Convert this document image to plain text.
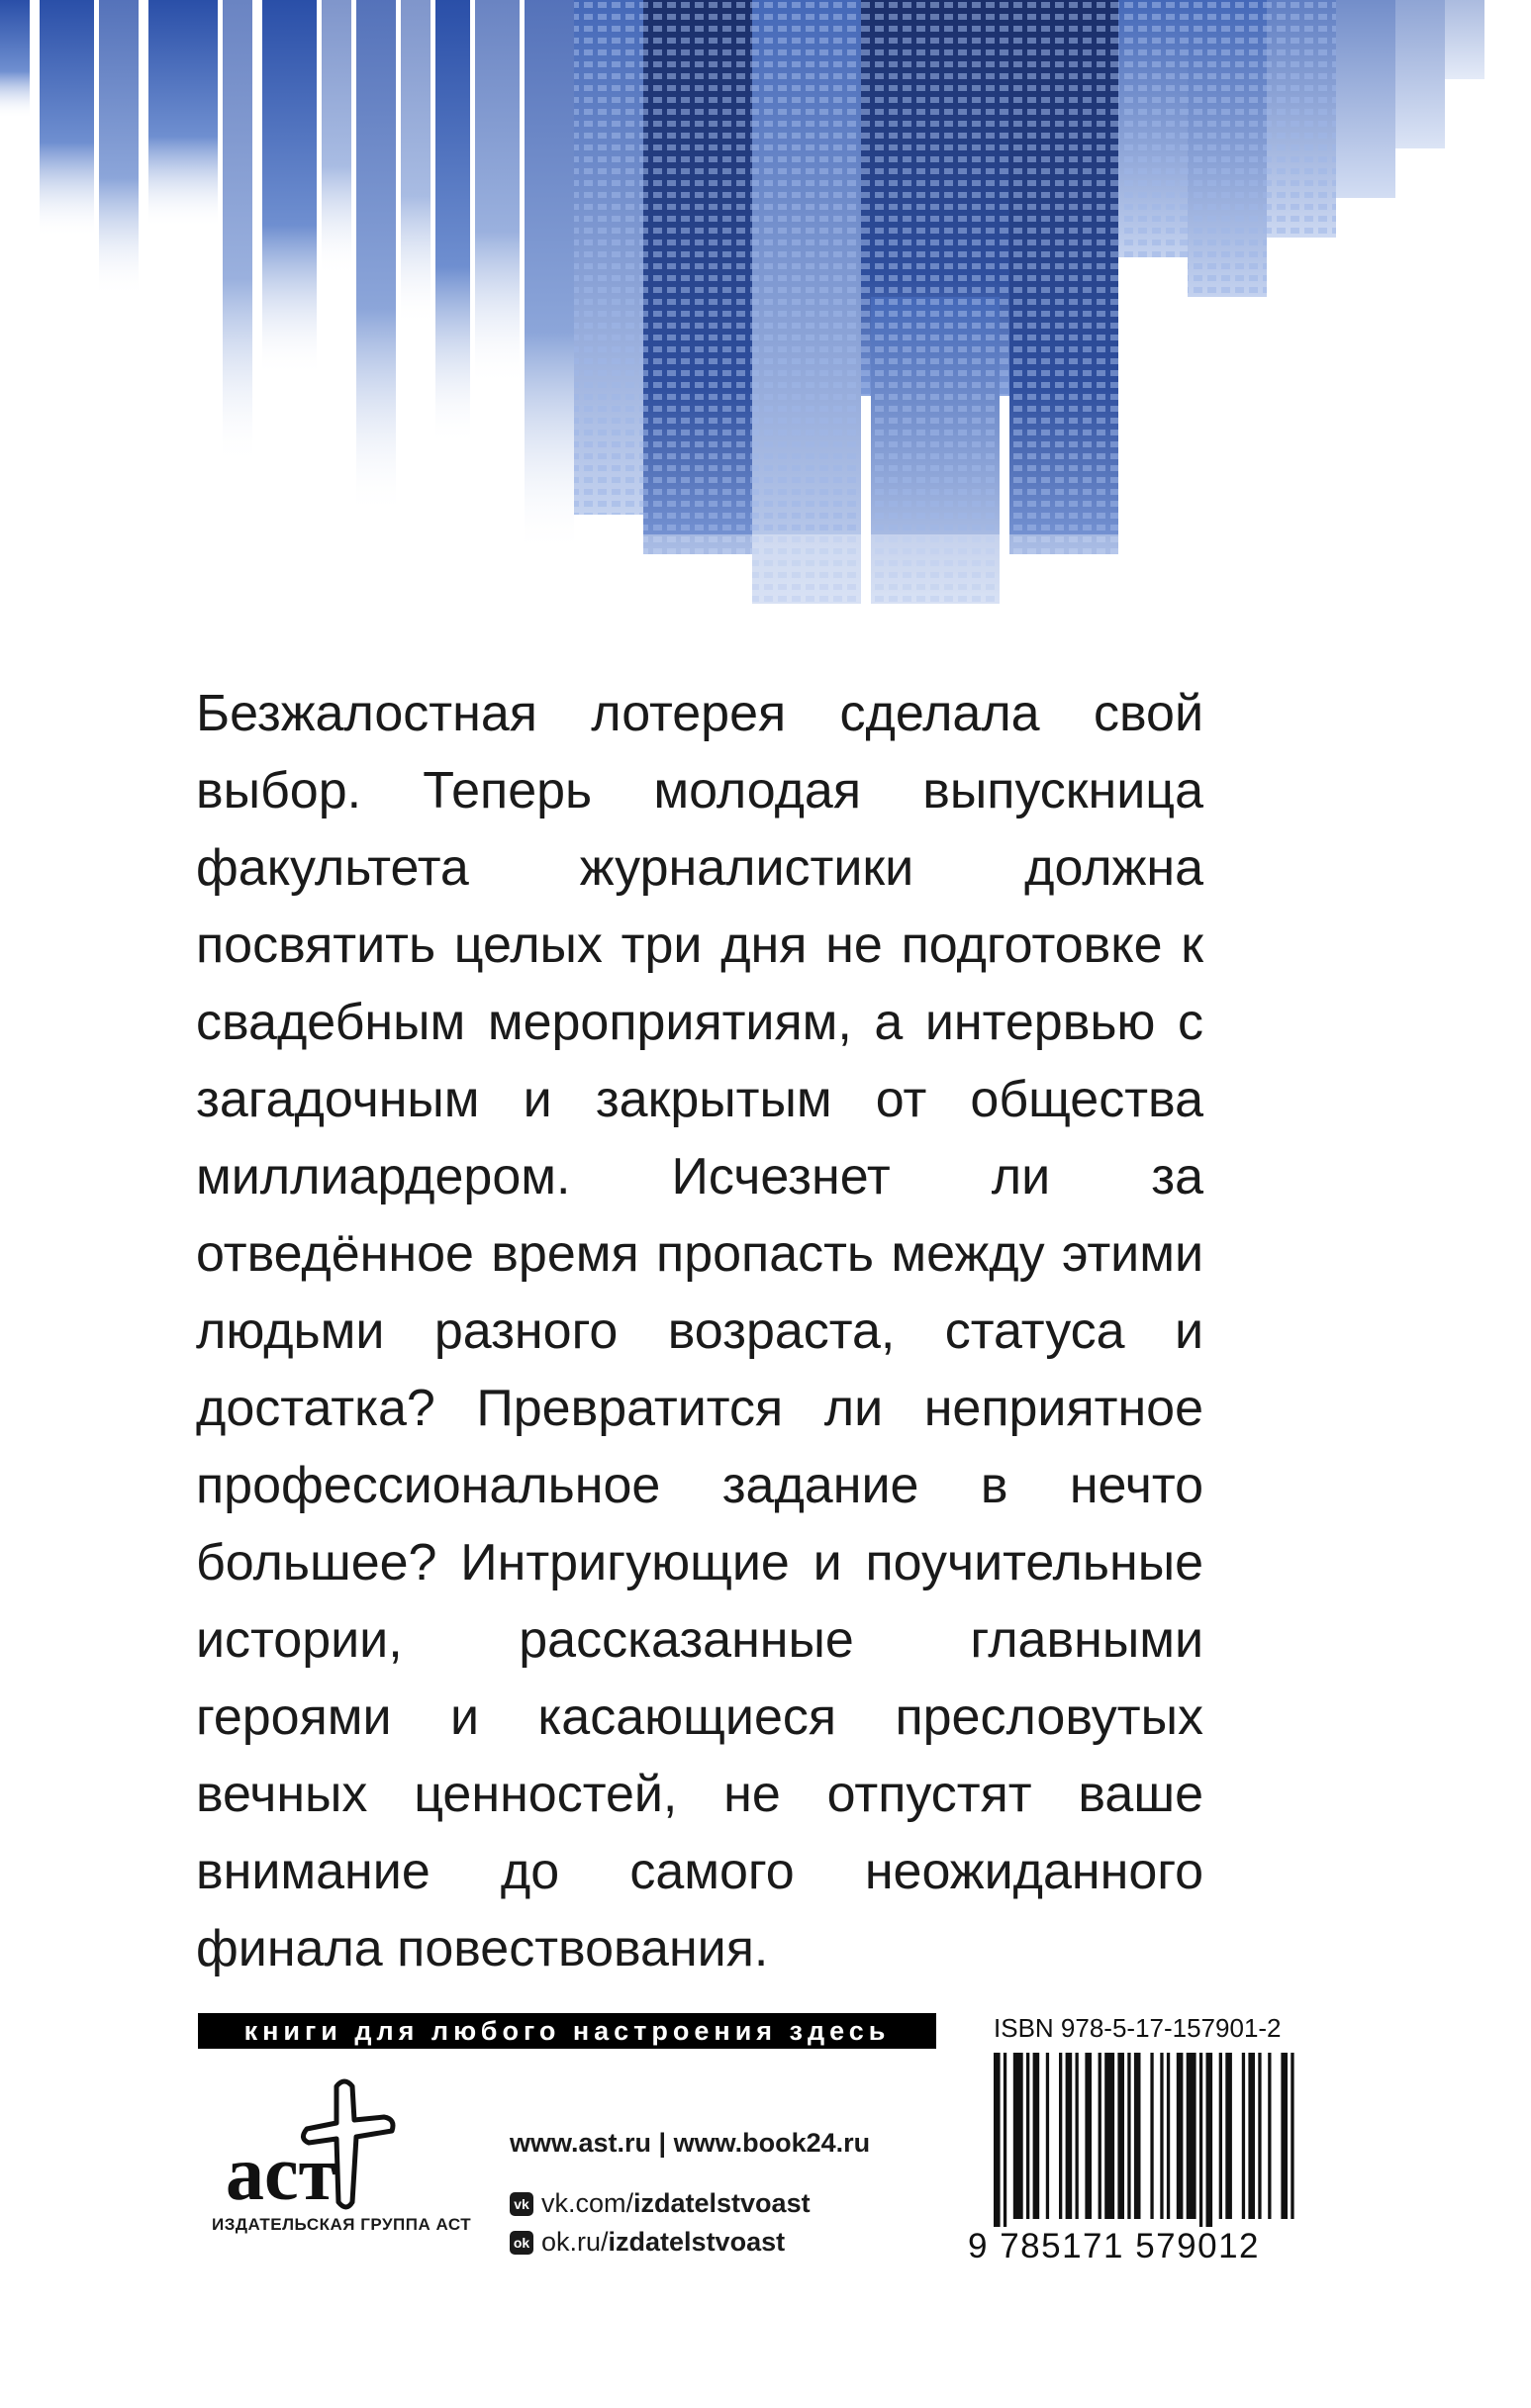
Безжалостная лотерея сделала свой выбор. Теперь молодая выпускница факультета журналистики должна посвятить целых три дня не подготовке к свадебным мероприятиям, а интервью с загадочным и закрытым от общества миллиардером. Исчезнет ли за отведённое время пропасть между этими людьми разного возраста, статуса и достатка? Превратится ли неприятное профессиональное задание в нечто большее? Интригующие и поучительные истории, рассказанные главными героями и касающиеся пресловутых вечных ценностей, не отпустят ваше внимание до самого неожиданного финала повествования.

книги для любого настроения здесь
аст
ИЗДАТЕЛЬСКАЯ ГРУППА АСТ
www.ast.ru | www.book24.ru
vk vk.com/ izdatelstvoast
ok ok.ru/ izdatelstvoast
ISBN 978-5-17-157901-2
9 785171 579012
